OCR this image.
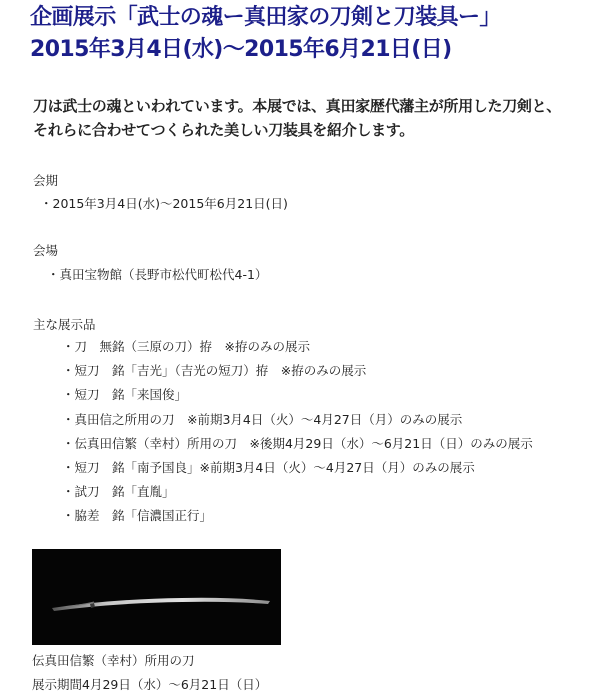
企画展示「武士の魂ー真田家の刀剣と刀装具ー」
2015年3月4日(水)〜2015年6月21日(日)
刀は武士の魂といわれています。本展では、真田家歴代藩主が所用した刀剣と、
それらに合わせてつくられた美しい刀装具を紹介します。
会期
・2015年3月4日(水)〜2015年6月21日(日)
会場
・真田宝物館（長野市松代町松代4-1）
主な展示品
・刀　無銘（三原の刀）拵　※拵のみの展示
・短刀　銘「吉光」（吉光の短刀）拵　※拵のみの展示
・短刀　銘「来国俊」
・真田信之所用の刀　※前期3月4日（火）〜4月27日（月）のみの展示
・伝真田信繁（幸村）所用の刀　※後期4月29日（水）〜6月21日（日）のみの展示
・短刀　銘「南予国良」※前期3月4日（火）〜4月27日（月）のみの展示
・試刀　銘「直胤」
・脇差　銘「信濃国正行」
伝真田信繁（幸村）所用の刀
展示期間4月29日（水）〜6月21日（日）
